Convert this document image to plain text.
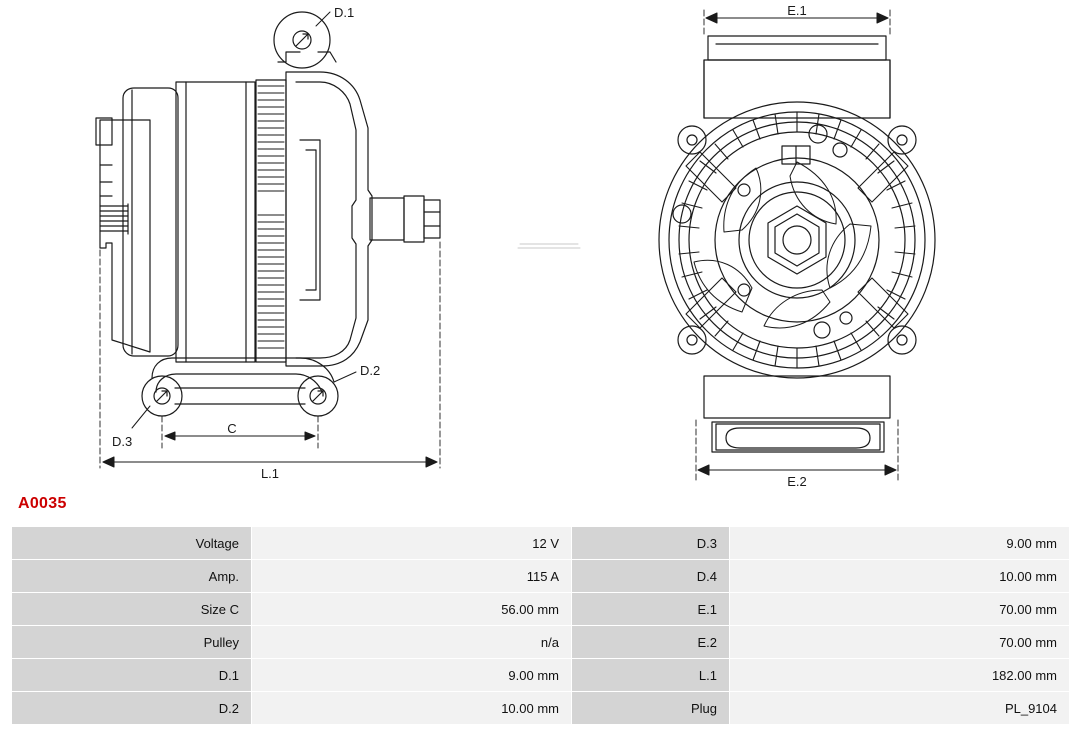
D.1
D.2
D.3
C
L.1
E.1
E.2
A0035
Voltage	12 V	D.3	9.00 mm
Amp.	115 A	D.4	10.00 mm
Size C	56.00 mm	E.1	70.00 mm
Pulley	n/a	E.2	70.00 mm
D.1	9.00 mm	L.1	182.00 mm
D.2	10.00 mm	Plug	PL_9104
